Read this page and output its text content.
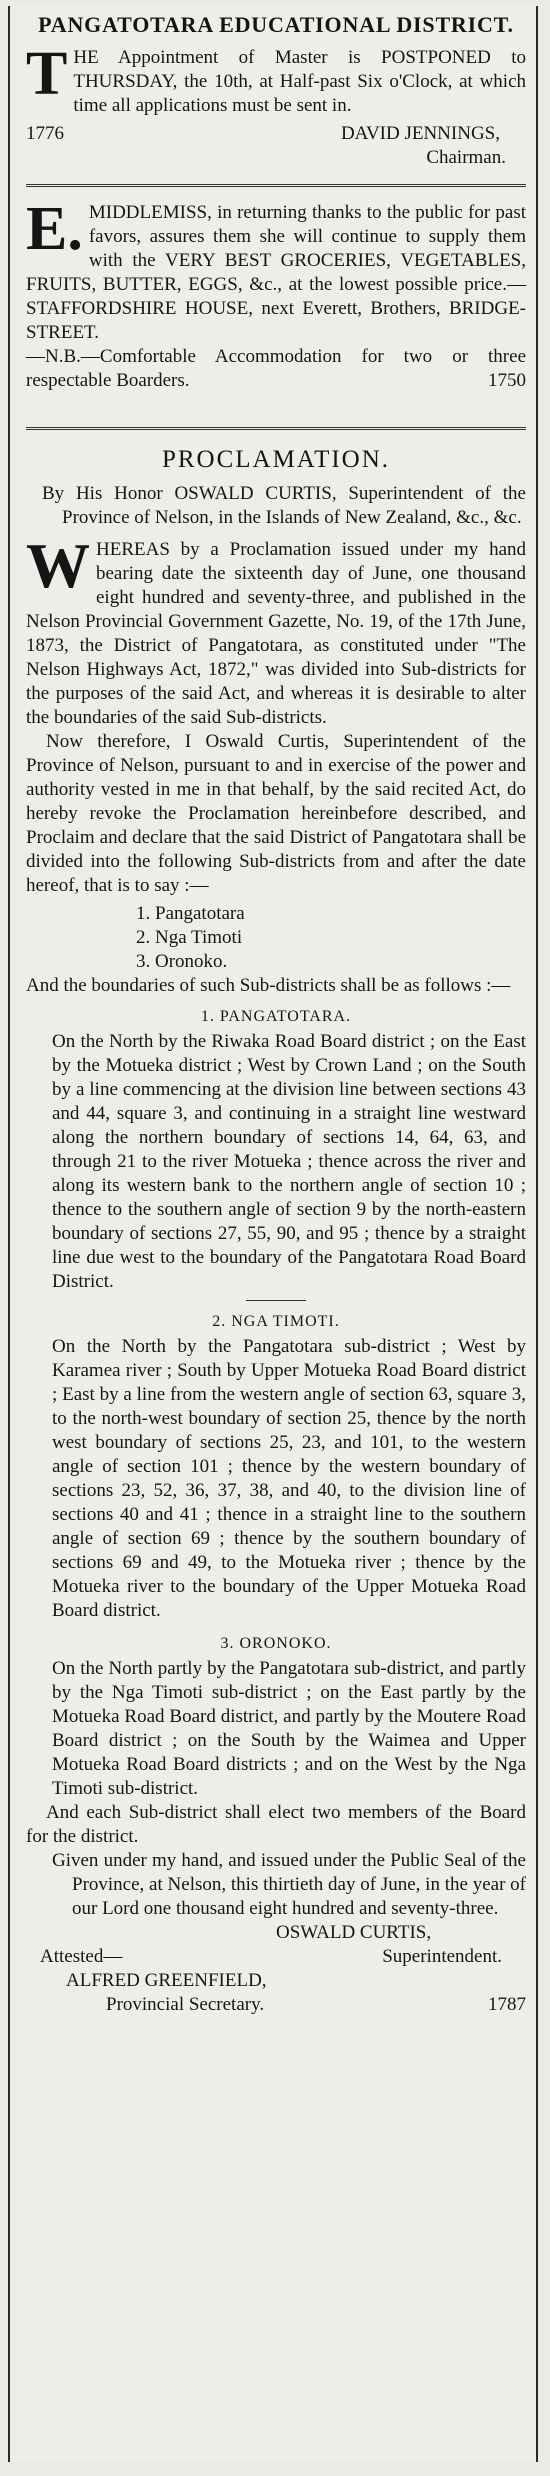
PANGATOTARA EDUCATIONAL DISTRICT.

THE Appointment of Master is POSTPONED to THURSDAY, the 10th, at Half-past Six o'Clock, at which time all applications must be sent in.

1776	DAVID JENNINGS,

Chairman.

E. MIDDLEMISS, in returning thanks to the public for past favors, assures them she will continue to supply them with the VERY BEST GROCERIES, VEGETABLES, FRUITS, BUTTER, EGGS, &c., at the lowest possible price.—STAFFORDSHIRE HOUSE, next Everett, Brothers, BRIDGE-STREET.

—N.B.—Comfortable Accommodation for two or three respectable Boarders.	1750

PROCLAMATION.

By His Honor OSWALD CURTIS, Superintendent of the Province of Nelson, in the Islands of New Zealand, &c., &c.

WHEREAS by a Proclamation issued under my hand bearing date the sixteenth day of June, one thousand eight hundred and seventy-three, and published in the Nelson Provincial Government Gazette, No. 19, of the 17th June, 1873, the District of Pangatotara, as constituted under "The Nelson Highways Act, 1872," was divided into Sub-districts for the purposes of the said Act, and whereas it is desirable to alter the boundaries of the said Sub-districts.

Now therefore, I Oswald Curtis, Superintendent of the Province of Nelson, pursuant to and in exercise of the power and authority vested in me in that behalf, by the said recited Act, do hereby revoke the Proclamation hereinbefore described, and Proclaim and declare that the said District of Pangatotara shall be divided into the following Sub-districts from and after the date hereof, that is to say :—

1. Pangatotara

2. Nga Timoti

3. Oronoko.

And the boundaries of such Sub-districts shall be as follows :—

1. PANGATOTARA.

On the North by the Riwaka Road Board district ; on the East by the Motueka district ; West by Crown Land ; on the South by a line commencing at the division line between sections 43 and 44, square 3, and continuing in a straight line westward along the northern boundary of sections 14, 64, 63, and through 21 to the river Motueka ; thence across the river and along its western bank to the northern angle of section 10 ; thence to the southern angle of section 9 by the north-eastern boundary of sections 27, 55, 90, and 95 ; thence by a straight line due west to the boundary of the Pangatotara Road Board District.

2. NGA TIMOTI.

On the North by the Pangatotara sub-district ; West by Karamea river ; South by Upper Motueka Road Board district ; East by a line from the western angle of section 63, square 3, to the north-west boundary of section 25, thence by the north west boundary of sections 25, 23, and 101, to the western angle of section 101 ; thence by the western boundary of sections 23, 52, 36, 37, 38, and 40, to the division line of sections 40 and 41 ; thence in a straight line to the southern angle of section 69 ; thence by the southern boundary of sections 69 and 49, to the Motueka river ; thence by the Motueka river to the boundary of the Upper Motueka Road Board district.

3. ORONOKO.

On the North partly by the Pangatotara sub-district, and partly by the Nga Timoti sub-district ; on the East partly by the Motueka Road Board district, and partly by the Moutere Road Board district ; on the South by the Waimea and Upper Motueka Road Board districts ; and on the West by the Nga Timoti sub-district.

And each Sub-district shall elect two members of the Board for the district.

Given under my hand, and issued under the Public Seal of the Province, at Nelson, this thirtieth day of June, in the year of our Lord one thousand eight hundred and seventy-three.

OSWALD CURTIS,

Attested—	Superintendent.

ALFRED GREENFIELD,

Provincial Secretary.	1787
